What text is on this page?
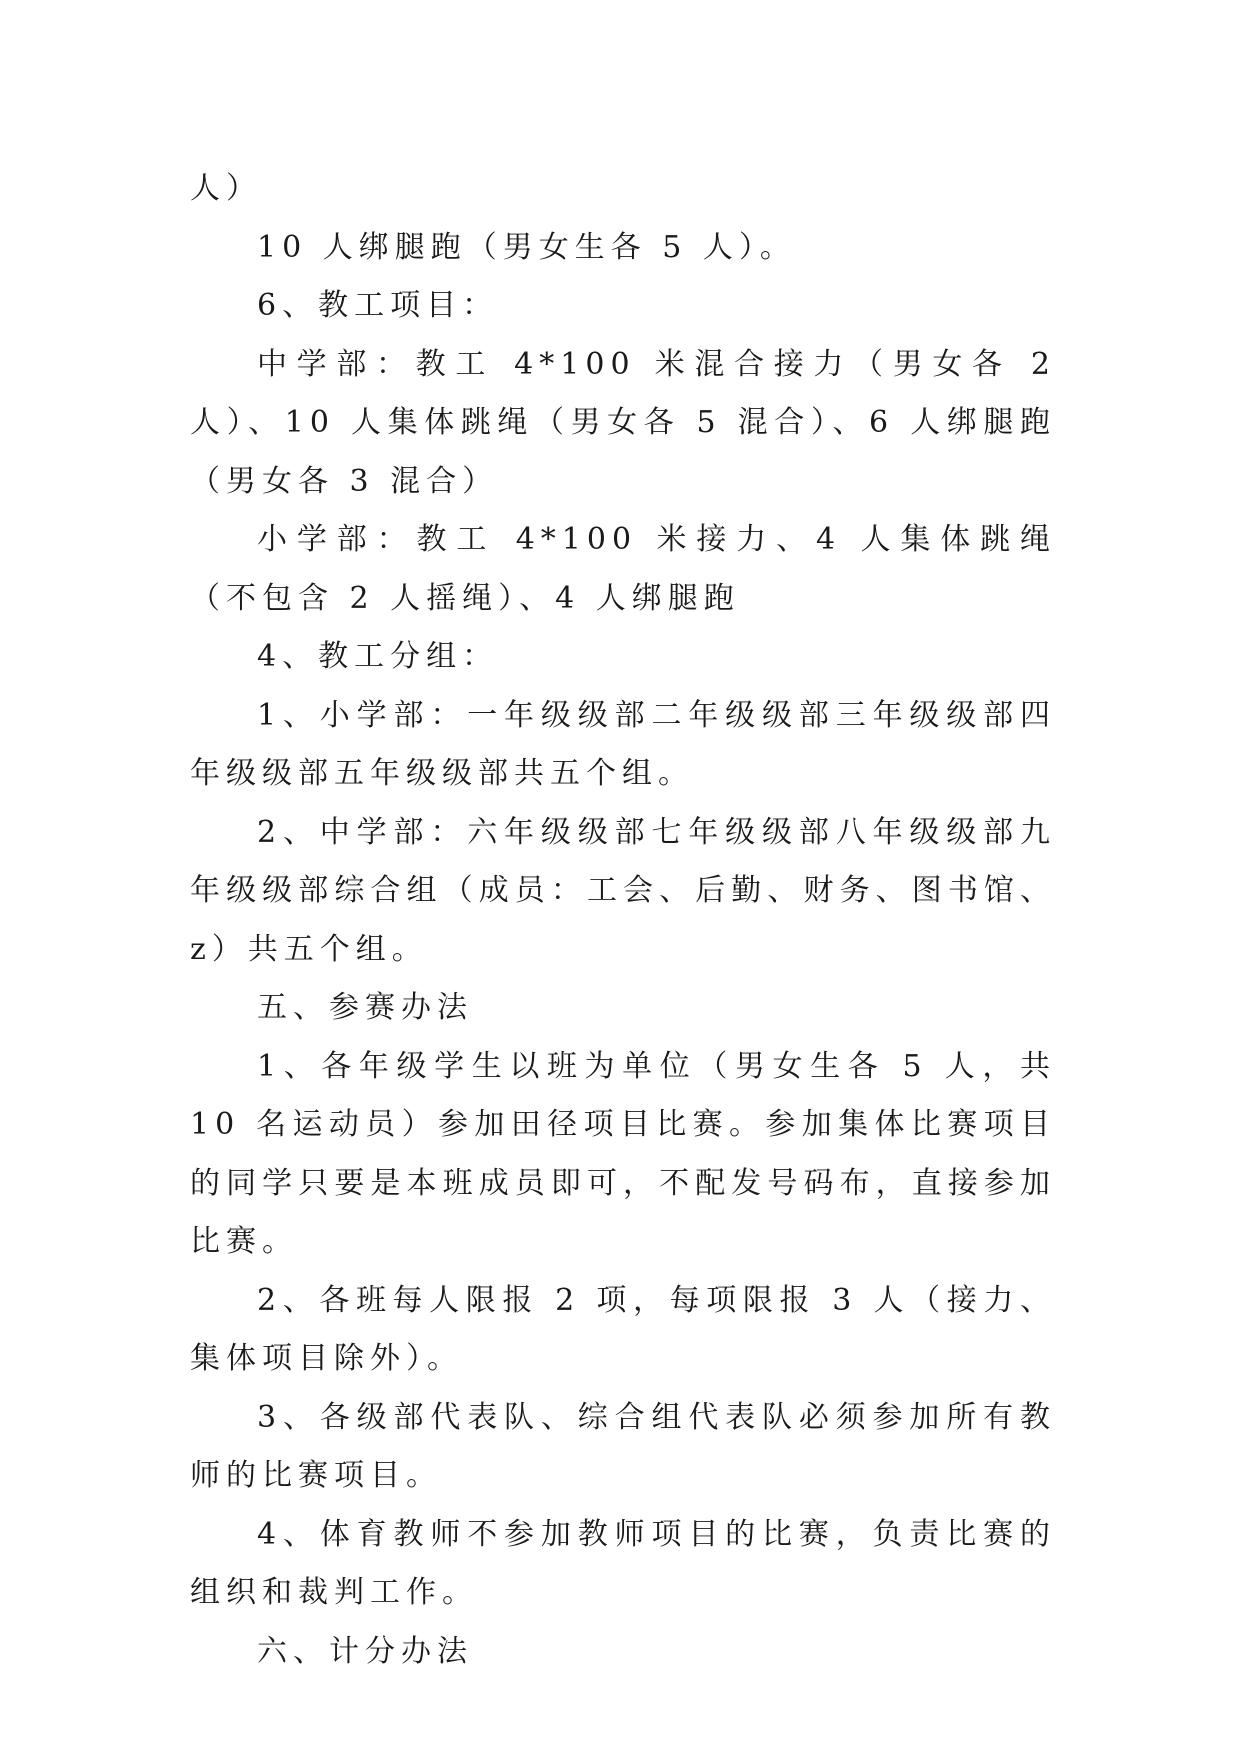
人）

10 人绑腿跑（男女生各 5 人）。

6、教工项目：

中学部：教工 4*100 米混合接力（男女各 2 人）、10 人集体跳绳（男女各 5 混合）、6 人绑腿跑（男女各 3 混合）

小学部：教工 4*100 米接力、4 人集体跳绳（不包含 2 人摇绳）、4 人绑腿跑

4、教工分组：

1、小学部：一年级级部二年级级部三年级级部四年级级部五年级级部共五个组。

2、中学部：六年级级部七年级级部八年级级部九年级级部综合组（成员：工会、后勤、财务、图书馆、z）共五个组。

五、参赛办法

1、各年级学生以班为单位（男女生各 5 人，共 10 名运动员）参加田径项目比赛。参加集体比赛项目的同学只要是本班成员即可，不配发号码布，直接参加比赛。

2、各班每人限报 2 项，每项限报 3 人（接力、集体项目除外）。

3、各级部代表队、综合组代表队必须参加所有教师的比赛项目。

4、体育教师不参加教师项目的比赛，负责比赛的组织和裁判工作。

六、计分办法
